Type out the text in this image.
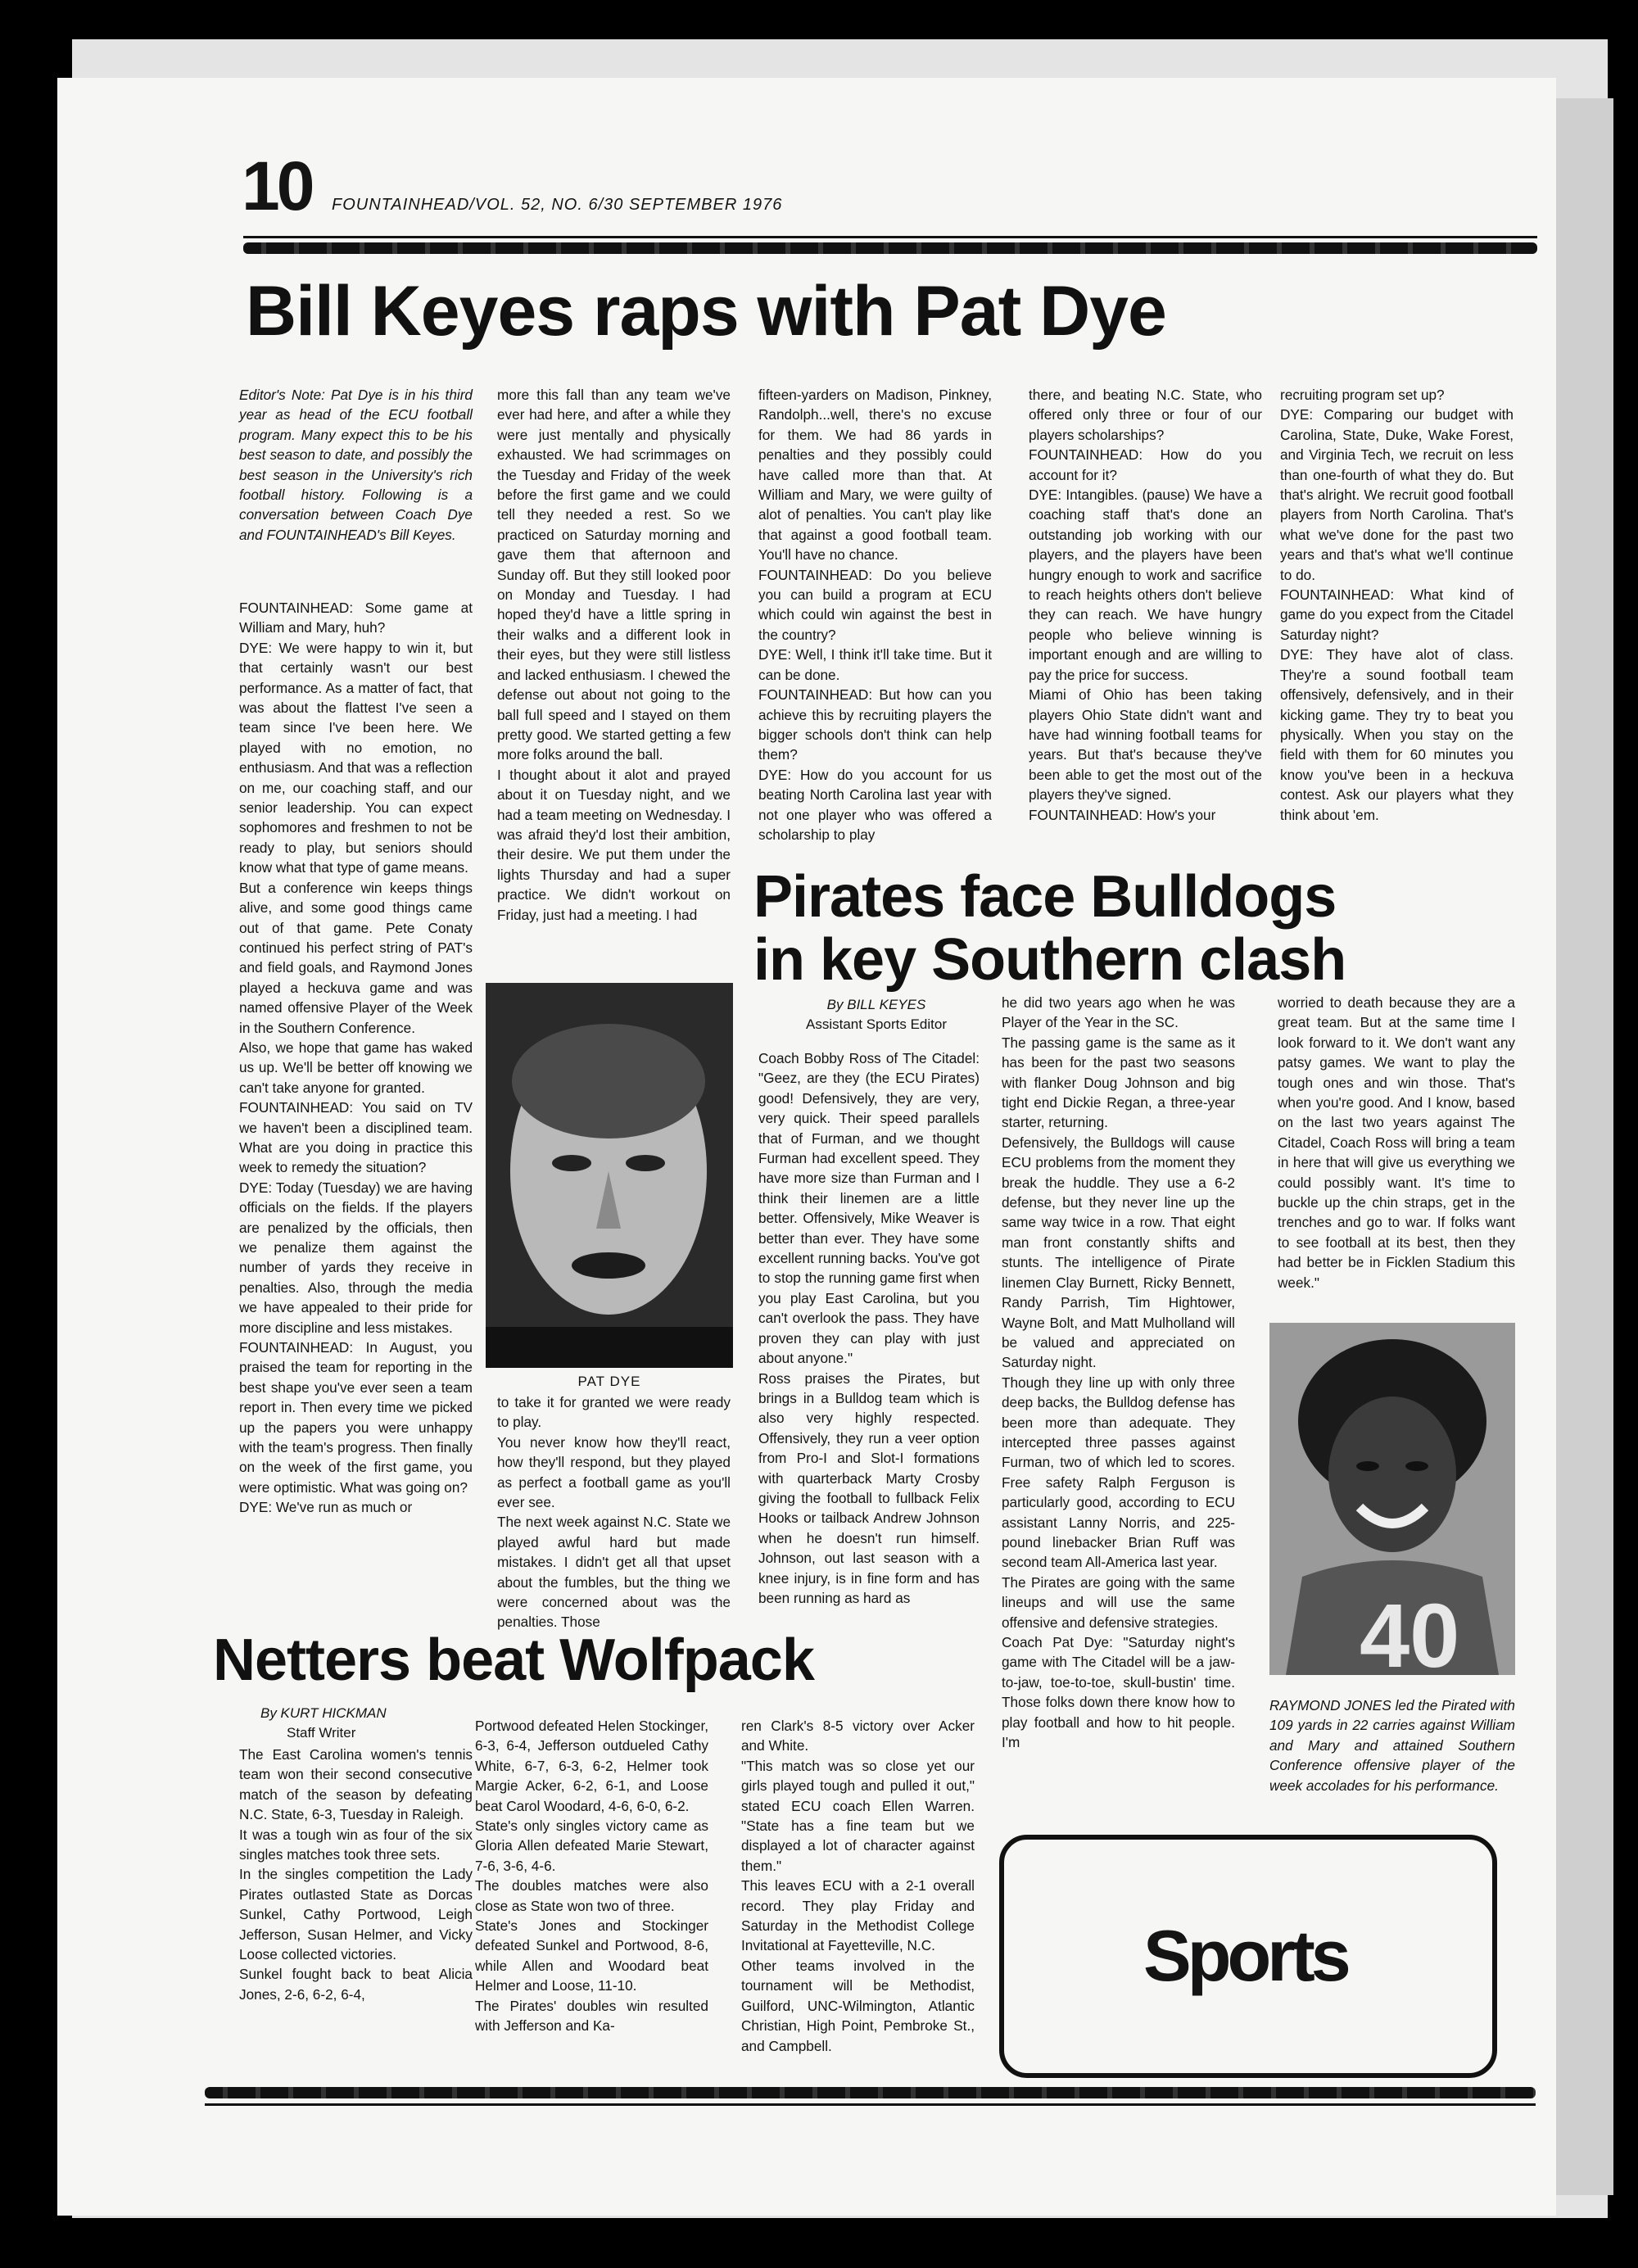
10 FOUNTAINHEAD/VOL. 52, NO. 6/30 SEPTEMBER 1976

Bill Keyes raps with Pat Dye

Editor's Note: Pat Dye is in his third year as head of the ECU football program. Many expect this to be his best season to date, and possibly the best season in the University's rich football history. Following is a conversation between Coach Dye and FOUNTAINHEAD's Bill Keyes.

FOUNTAINHEAD: Some game at William and Mary, huh?
DYE: We were happy to win it, but that certainly wasn't our best performance. As a matter of fact, that was about the flattest I've seen a team since I've been here. We played with no emotion, no enthusiasm. And that was a reflection on me, our coaching staff, and our senior leadership. You can expect sophomores and freshmen to not be ready to play, but seniors should know what that type of game means.
But a conference win keeps things alive, and some good things came out of that game. Pete Conaty continued his perfect string of PAT's and field goals, and Raymond Jones played a heckuva game and was named offensive Player of the Week in the Southern Conference.
Also, we hope that game has waked us up. We'll be better off knowing we can't take anyone for granted.
FOUNTAINHEAD: You said on TV we haven't been a disciplined team. What are you doing in practice this week to remedy the situation?
DYE: Today (Tuesday) we are having officials on the fields. If the players are penalized by the officials, then we penalize them against the number of yards they receive in penalties. Also, through the media we have appealed to their pride for more discipline and less mistakes.
FOUNTAINHEAD: In August, you praised the team for reporting in the best shape you've ever seen a team report in. Then every time we picked up the papers you were unhappy with the team's progress. Then finally on the week of the first game, you were optimistic. What was going on?
DYE: We've run as much or
more this fall than any team we've ever had here, and after a while they were just mentally and physically exhausted. We had scrimmages on the Tuesday and Friday of the week before the first game and we could tell they needed a rest. So we practiced on Saturday morning and gave them that afternoon and Sunday off. But they still looked poor on Monday and Tuesday. I had hoped they'd have a little spring in their walks and a different look in their eyes, but they were still listless and lacked enthusiasm. I chewed the defense out about not going to the ball full speed and I stayed on them pretty good. We started getting a few more folks around the ball.
I thought about it alot and prayed about it on Tuesday night, and we had a team meeting on Wednesday. I was afraid they'd lost their ambition, their desire. We put them under the lights Thursday and had a super practice. We didn't workout on Friday, just had a meeting. I had

PAT DYE

to take it for granted we were ready to play.
You never know how they'll react, how they'll respond, but they played as perfect a football game as you'll ever see.
The next week against N.C. State we played awful hard but made mistakes. I didn't get all that upset about the fumbles, but the thing we were concerned about was the penalties. Those
fifteen-yarders on Madison, Pinkney, Randolph...well, there's no excuse for them. We had 86 yards in penalties and they possibly could have called more than that. At William and Mary, we were guilty of alot of penalties. You can't play like that against a good football team. You'll have no chance.
FOUNTAINHEAD: Do you believe you can build a program at ECU which could win against the best in the country?
DYE: Well, I think it'll take time. But it can be done.
FOUNTAINHEAD: But how can you achieve this by recruiting players the bigger schools don't think can help them?
DYE: How do you account for us beating North Carolina last year with not one player who was offered a scholarship to play
there, and beating N.C. State, who offered only three or four of our players scholarships?
FOUNTAINHEAD: How do you account for it?
DYE: Intangibles. (pause) We have a coaching staff that's done an outstanding job working with our players, and the players have been hungry enough to work and sacrifice to reach heights others don't believe they can reach. We have hungry people who believe winning is important enough and are willing to pay the price for success.
Miami of Ohio has been taking players Ohio State didn't want and have had winning football teams for years. But that's because they've been able to get the most out of the players they've signed.
FOUNTAINHEAD: How's your
recruiting program set up?
DYE: Comparing our budget with Carolina, State, Duke, Wake Forest, and Virginia Tech, we recruit on less than one-fourth of what they do. But that's alright. We recruit good football players from North Carolina. That's what we've done for the past two years and that's what we'll continue to do.
FOUNTAINHEAD: What kind of game do you expect from the Citadel Saturday night?
DYE: They have alot of class. They're a sound football team offensively, defensively, and in their kicking game. They try to beat you physically. When you stay on the field with them for 60 minutes you know you've been in a heckuva contest. Ask our players what they think about 'em.
Pirates face Bulldogs
in key Southern clash

By BILL KEYES

Assistant Sports Editor

Coach Bobby Ross of The Citadel: "Geez, are they (the ECU Pirates) good! Defensively, they are very, very quick. Their speed parallels that of Furman, and we thought Furman had excellent speed. They have more size than Furman and I think their linemen are a little better. Offensively, Mike Weaver is better than ever. They have some excellent running backs. You've got to stop the running game first when you play East Carolina, but you can't overlook the pass. They have proven they can play with just about anyone."
Ross praises the Pirates, but brings in a Bulldog team which is also very highly respected. Offensively, they run a veer option from Pro-I and Slot-I formations with quarterback Marty Crosby giving the football to fullback Felix Hooks or tailback Andrew Johnson when he doesn't run himself. Johnson, out last season with a knee injury, is in fine form and has been running as hard as
he did two years ago when he was Player of the Year in the SC.
The passing game is the same as it has been for the past two seasons with flanker Doug Johnson and big tight end Dickie Regan, a three-year starter, returning.
Defensively, the Bulldogs will cause ECU problems from the moment they break the huddle. They use a 6-2 defense, but they never line up the same way twice in a row. That eight man front constantly shifts and stunts. The intelligence of Pirate linemen Clay Burnett, Ricky Bennett, Randy Parrish, Tim Hightower, Wayne Bolt, and Matt Mulholland will be valued and appreciated on Saturday night.
Though they line up with only three deep backs, the Bulldog defense has been more than adequate. They intercepted three passes against Furman, two of which led to scores. Free safety Ralph Ferguson is particularly good, according to ECU assistant Lanny Norris, and 225-pound linebacker Brian Ruff was second team All-America last year.
The Pirates are going with the same lineups and will use the same offensive and defensive strategies.
Coach Pat Dye: "Saturday night's game with The Citadel will be a jaw-to-jaw, toe-to-toe, skull-bustin' time. Those folks down there know how to play football and how to hit people. I'm
worried to death because they are a great team. But at the same time I look forward to it. We don't want any patsy games. We want to play the tough ones and win those. That's when you're good. And I know, based on the last two years against The Citadel, Coach Ross will bring a team in here that will give us everything we could possibly want. It's time to buckle up the chin straps, get in the trenches and go to war. If folks want to see football at its best, then they had better be in Ficklen Stadium this week."
40

RAYMOND JONES led the Pirated with 109 yards in 22 carries against William and Mary and attained Southern Conference offensive player of the week accolades for his performance.

Netters beat Wolfpack

By KURT HICKMAN

Staff Writer

The East Carolina women's tennis team won their second consecutive match of the season by defeating N.C. State, 6-3, Tuesday in Raleigh.
It was a tough win as four of the six singles matches took three sets.
In the singles competition the Lady Pirates outlasted State as Dorcas Sunkel, Cathy Portwood, Leigh Jefferson, Susan Helmer, and Vicky Loose collected victories.
Sunkel fought back to beat Alicia Jones, 2-6, 6-2, 6-4,
Portwood defeated Helen Stockinger, 6-3, 6-4, Jefferson outdueled Cathy White, 6-7, 6-3, 6-2, Helmer took Margie Acker, 6-2, 6-1, and Loose beat Carol Woodard, 4-6, 6-0, 6-2.
State's only singles victory came as Gloria Allen defeated Marie Stewart, 7-6, 3-6, 4-6.
The doubles matches were also close as State won two of three.
State's Jones and Stockinger defeated Sunkel and Portwood, 8-6, while Allen and Woodard beat Helmer and Loose, 11-10.
The Pirates' doubles win resulted with Jefferson and Ka-
ren Clark's 8-5 victory over Acker and White.
"This match was so close yet our girls played tough and pulled it out," stated ECU coach Ellen Warren. "State has a fine team but we displayed a lot of character against them."
This leaves ECU with a 2-1 overall record. They play Friday and Saturday in the Methodist College Invitational at Fayetteville, N.C.
Other teams involved in the tournament will be Methodist, Guilford, UNC-Wilmington, Atlantic Christian, High Point, Pembroke St., and Campbell.

Sports
